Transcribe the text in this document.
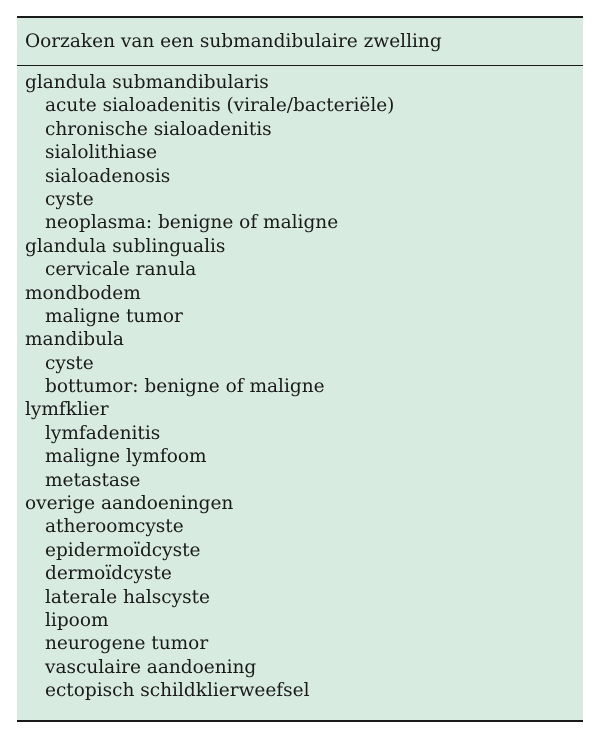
Oorzaken van een submandibulaire zwelling
glandula submandibularis
acute sialoadenitis (virale/bacteriële)
chronische sialoadenitis
sialolithiase
sialoadenosis
cyste
neoplasma: benigne of maligne
glandula sublingualis
cervicale ranula
mondbodem
maligne tumor
mandibula
cyste
bottumor: benigne of maligne
lymfklier
lymfadenitis
maligne lymfoom
metastase
overige aandoeningen
atheroomcyste
epidermoïdcyste
dermoïdcyste
laterale halscyste
lipoom
neurogene tumor
vasculaire aandoening
ectopisch schildklierweefsel
